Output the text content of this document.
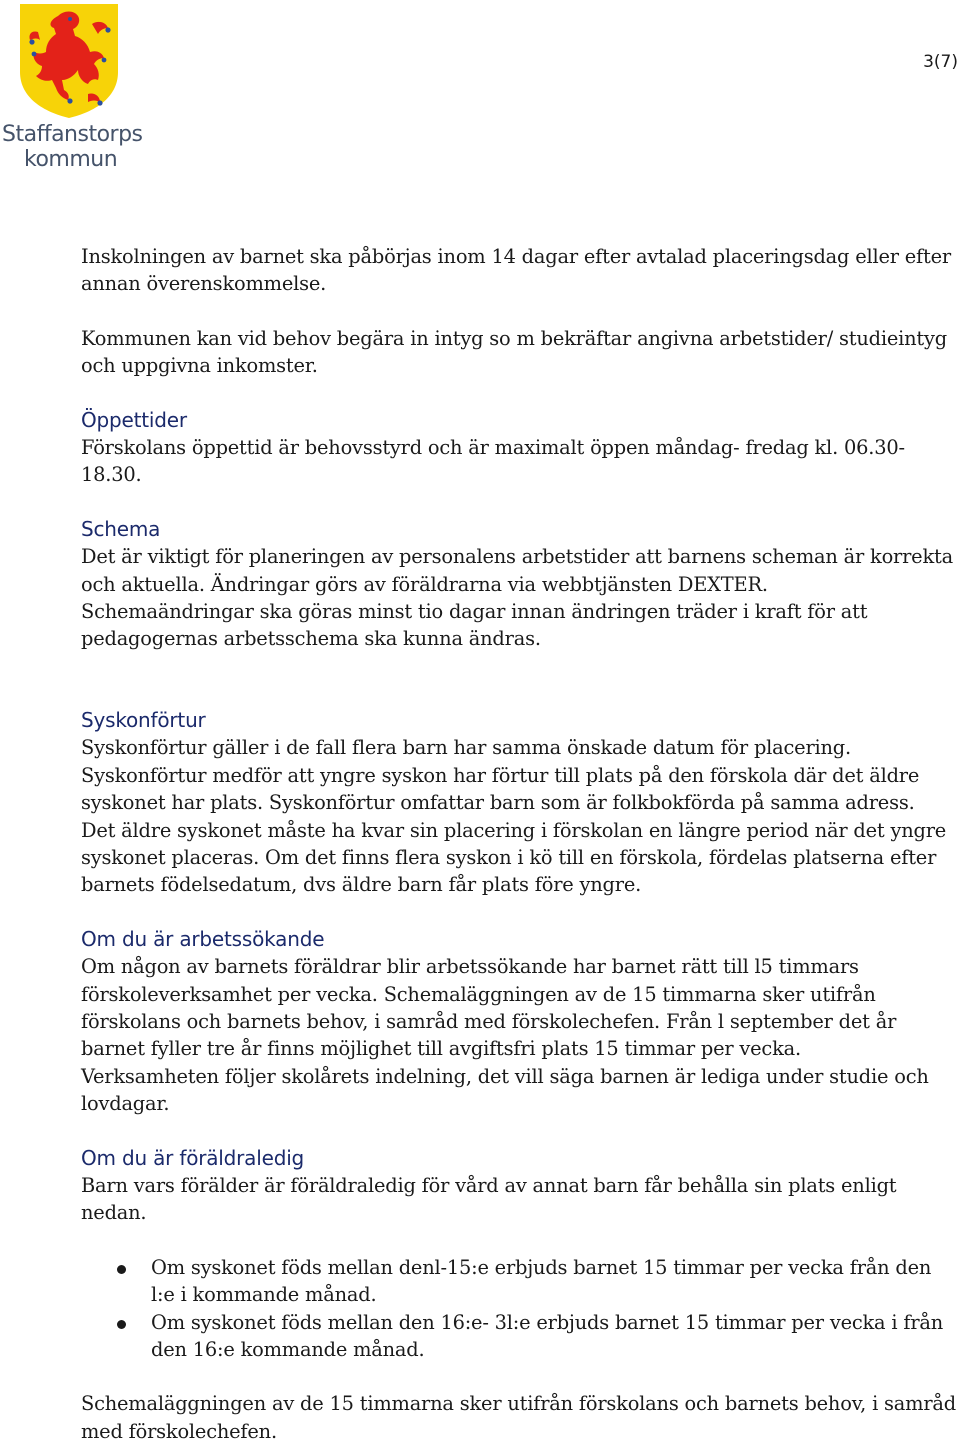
Staffanstorps
kommun
3(7)

Inskolningen av barnet ska påbörjas inom 14 dagar efter avtalad placeringsdag eller efter annan överenskommelse.

Kommunen kan vid behov begära in intyg so m bekräftar angivna arbetstider/ studieintyg och uppgivna inkomster.

Öppettider

Förskolans öppettid är behovsstyrd och är maximalt öppen måndag- fredag kl. 06.30- 18.30.

Schema

Det är viktigt för planeringen av personalens arbetstider att barnens scheman är korrekta och aktuella. Ändringar görs av föräldrarna via webbtjänsten DEXTER.

Schemaändringar ska göras minst tio dagar innan ändringen träder i kraft för att pedagogernas arbetsschema ska kunna ändras.

Syskonförtur

Syskonförtur gäller i de fall flera barn har samma önskade datum för placering.

Syskonförtur medför att yngre syskon har förtur till plats på den förskola där det äldre syskonet har plats. Syskonförtur omfattar barn som är folkbokförda på samma adress.

Det äldre syskonet måste ha kvar sin placering i förskolan en längre period när det yngre syskonet placeras. Om det finns flera syskon i kö till en förskola, fördelas platserna efter barnets födelsedatum, dvs äldre barn får plats före yngre.

Om du är arbetssökande

Om någon av barnets föräldrar blir arbetssökande har barnet rätt till l5 timmars förskoleverksamhet per vecka. Schemaläggningen av de 15 timmarna sker utifrån förskolans och barnets behov, i samråd med förskolechefen. Från l september det år barnet fyller tre år finns möjlighet till avgiftsfri plats 15 timmar per vecka.

Verksamheten följer skolårets indelning, det vill säga barnen är lediga under studie och lovdagar.

Om du är föräldraledig

Barn vars förälder är föräldraledig för vård av annat barn får behålla sin plats enligt nedan.

Om syskonet föds mellan denl-15:e erbjuds barnet 15 timmar per vecka från den l:e i kommande månad.
Om syskonet föds mellan den 16:e- 3l:e erbjuds barnet 15 timmar per vecka i från den 16:e kommande månad.

Schemaläggningen av de 15 timmarna sker utifrån förskolans och barnets behov, i samråd med förskolechefen.
